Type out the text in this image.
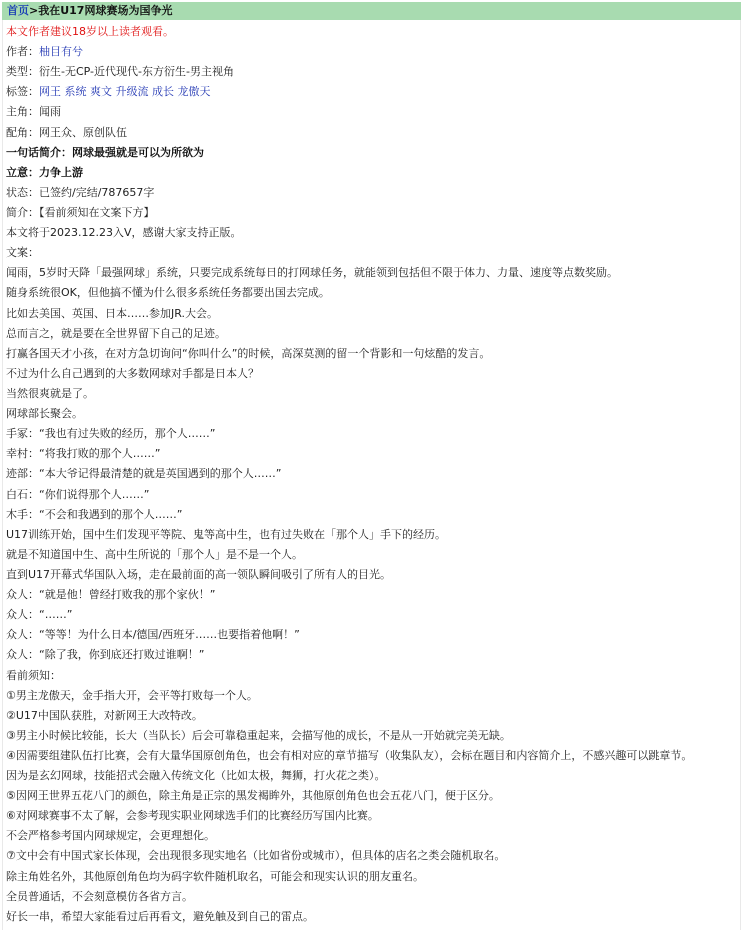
首页>我在U17网球赛场为国争光
本文作者建议18岁以上读者观看。
作者：柚目有兮
类型：衍生-无CP-近代现代-东方衍生-男主视角
标签：网王 系统 爽文 升级流 成长 龙傲天
主角：闻雨
配角：网王众、原创队伍
一句话简介：网球最强就是可以为所欲为
立意：力争上游
状态：已签约/完结/787657字
简介：【看前须知在文案下方】
本文将于2023.12.23入V，感谢大家支持正版。
文案：
闻雨，5岁时天降「最强网球」系统，只要完成系统每日的打网球任务，就能领到包括但不限于体力、力量、速度等点数奖励。
随身系统很OK，但他搞不懂为什么很多系统任务都要出国去完成。
比如去美国、英国、日本……参加JR.大会。
总而言之，就是要在全世界留下自己的足迹。
打赢各国天才小孩，在对方急切询问“你叫什么”的时候，高深莫测的留一个背影和一句炫酷的发言。
不过为什么自己遇到的大多数网球对手都是日本人？
当然很爽就是了。
网球部长聚会。
手冢：“我也有过失败的经历，那个人……”
幸村：“将我打败的那个人……”
迹部：“本大爷记得最清楚的就是英国遇到的那个人……”
白石：“你们说得那个人……”
木手：“不会和我遇到的那个人……”
U17训练开始，国中生们发现平等院、鬼等高中生，也有过失败在「那个人」手下的经历。
就是不知道国中生、高中生所说的「那个人」是不是一个人。
直到U17开幕式华国队入场，走在最前面的高一领队瞬间吸引了所有人的目光。
众人：“就是他！曾经打败我的那个家伙！”
众人：“……”
众人：“等等！为什么日本/德国/西班牙……也要指着他啊！”
众人：“除了我，你到底还打败过谁啊！”
看前须知：
①男主龙傲天，金手指大开，会平等打败每一个人。
②U17中国队获胜，对新网王大改特改。
③男主小时候比较能，长大（当队长）后会可靠稳重起来，会描写他的成长，不是从一开始就完美无缺。
④因需要组建队伍打比赛，会有大量华国原创角色，也会有相对应的章节描写（收集队友），会标在题目和内容简介上，不感兴趣可以跳章节。
因为是玄幻网球，技能招式会融入传统文化（比如太极，舞狮，打火花之类）。
⑤因网王世界五花八门的颜色，除主角是正宗的黑发褐眸外，其他原创角色也会五花八门，便于区分。
⑥对网球赛事不太了解，会参考现实职业网球选手们的比赛经历写国内比赛。
不会严格参考国内网球规定，会更理想化。
⑦文中会有中国式家长体现，会出现很多现实地名（比如省份或城市），但具体的店名之类会随机取名。
除主角姓名外，其他原创角色均为码字软件随机取名，可能会和现实认识的朋友重名。
全员普通话，不会刻意模仿各省方言。
好长一串，希望大家能看过后再看文，避免触及到自己的雷点。
